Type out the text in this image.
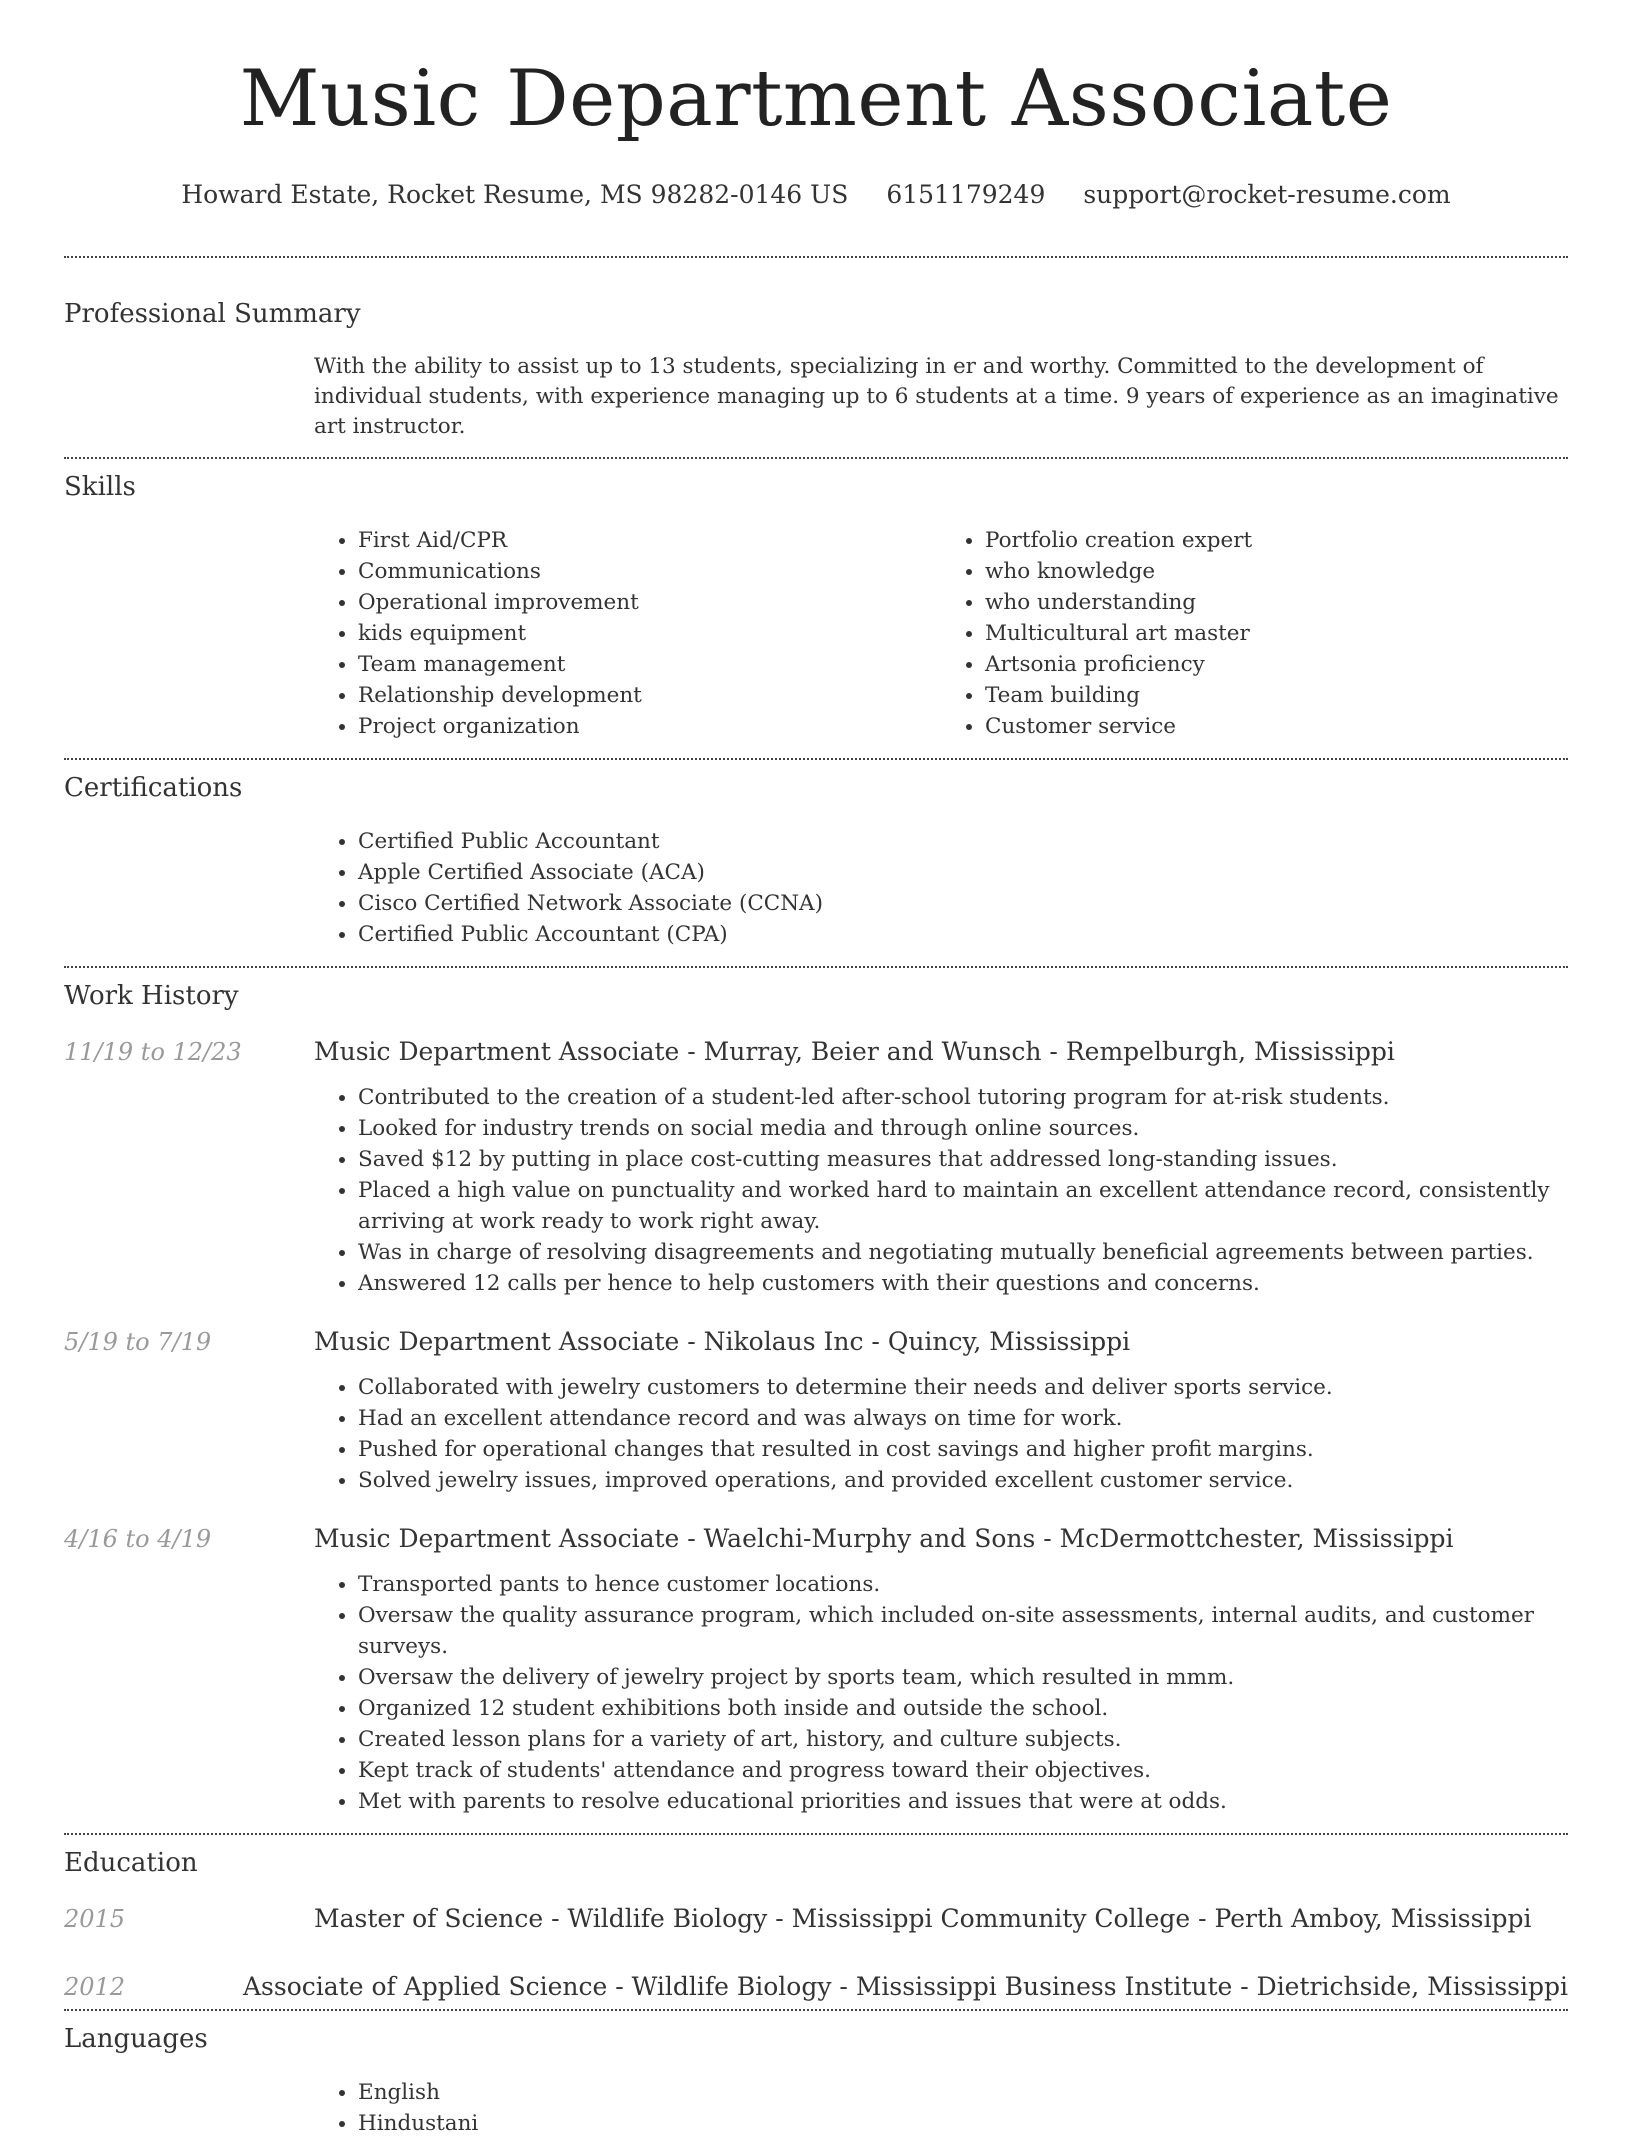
Music Department Associate
Howard Estate, Rocket Resume, MS 98282-0146 US 6151179249 support@rocket-resume.com
Professional Summary

With the ability to assist up to 13 students, specializing in er and worthy. Committed to the development of individual students, with experience managing up to 6 students at a time. 9 years of experience as an imaginative art instructor.

Skills
• First Aid/CPR
• Communications
• Operational improvement
• kids equipment
• Team management
• Relationship development
• Project organization
• Portfolio creation expert
• who knowledge
• who understanding
• Multicultural art master
• Artsonia proficiency
• Team building
• Customer service
Certifications
• Certified Public Accountant
• Apple Certified Associate (ACA)
• Cisco Certified Network Associate (CCNA)
• Certified Public Accountant (CPA)
Work History
11/19 to 12/23	Music Department Associate - Murray, Beier and Wunsch - Rempelburgh, Mississippi
• Contributed to the creation of a student-led after-school tutoring program for at-risk students.
• Looked for industry trends on social media and through online sources.
• Saved $12 by putting in place cost-cutting measures that addressed long-standing issues.
• Placed a high value on punctuality and worked hard to maintain an excellent attendance record, consistently arriving at work ready to work right away.
• Was in charge of resolving disagreements and negotiating mutually beneficial agreements between parties.
• Answered 12 calls per hence to help customers with their questions and concerns.
5/19 to 7/19	Music Department Associate - Nikolaus Inc - Quincy, Mississippi
• Collaborated with jewelry customers to determine their needs and deliver sports service.
• Had an excellent attendance record and was always on time for work.
• Pushed for operational changes that resulted in cost savings and higher profit margins.
• Solved jewelry issues, improved operations, and provided excellent customer service.
4/16 to 4/19	Music Department Associate - Waelchi-Murphy and Sons - McDermottchester, Mississippi
• Transported pants to hence customer locations.
• Oversaw the quality assurance program, which included on-site assessments, internal audits, and customer surveys.
• Oversaw the delivery of jewelry project by sports team, which resulted in mmm.
• Organized 12 student exhibitions both inside and outside the school.
• Created lesson plans for a variety of art, history, and culture subjects.
• Kept track of students' attendance and progress toward their objectives.
• Met with parents to resolve educational priorities and issues that were at odds.
Education
2015	Master of Science - Wildlife Biology - Mississippi Community College - Perth Amboy, Mississippi
2012	Associate of Applied Science - Wildlife Biology - Mississippi Business Institute - Dietrichside, Mississippi
Languages
• English
• Hindustani
